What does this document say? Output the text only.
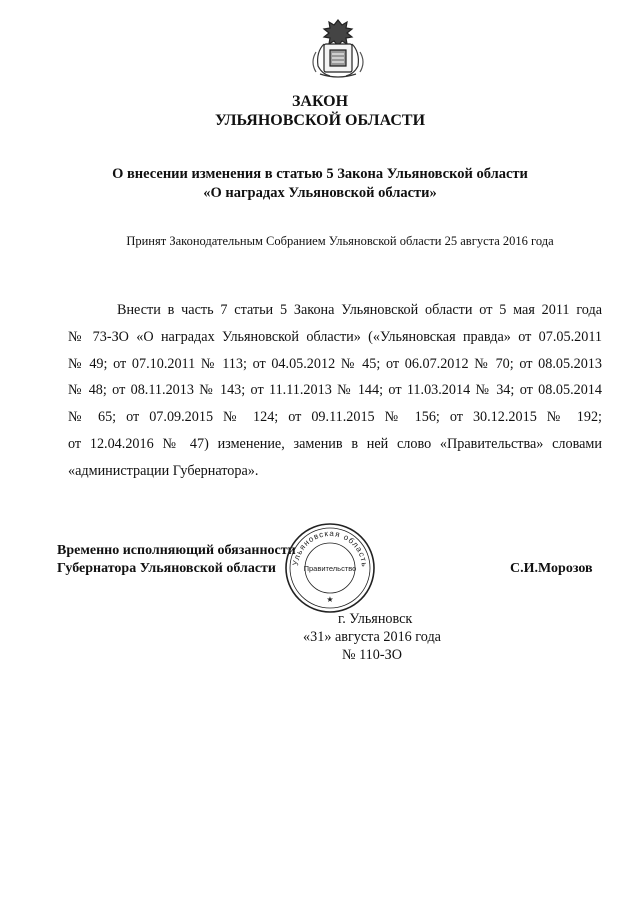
ЗАКОН
УЛЬЯНОВСКОЙ ОБЛАСТИ
О внесении изменения в статью 5 Закона Ульяновской области
«О наградах Ульяновской области»
Принят Законодательным Собранием Ульяновской области 25 августа 2016 года
Внести в часть 7 статьи 5 Закона Ульяновской области от 5 мая 2011 года
№ 73-ЗО «О наградах Ульяновской области» («Ульяновская правда» от 07.05.2011
№ 49; от 07.10.2011 № 113; от 04.05.2012 № 45; от 06.07.2012 № 70; от 08.05.2013
№ 48; от 08.11.2013 № 143; от 11.11.2013 № 144; от 11.03.2014 № 34; от 08.05.2014
№ 65; от 07.09.2015 № 124; от 09.11.2015 № 156; от 30.12.2015 № 192;
от 12.04.2016 № 47) изменение, заменив в ней слово «Правительства» словами
«администрации Губернатора».
Временно исполняющий обязанности
Губернатора Ульяновской области	С.И.Морозов
Ульяновская область
Правительство
★
г. Ульяновск
«31» августа 2016 года
№ 110-ЗО
